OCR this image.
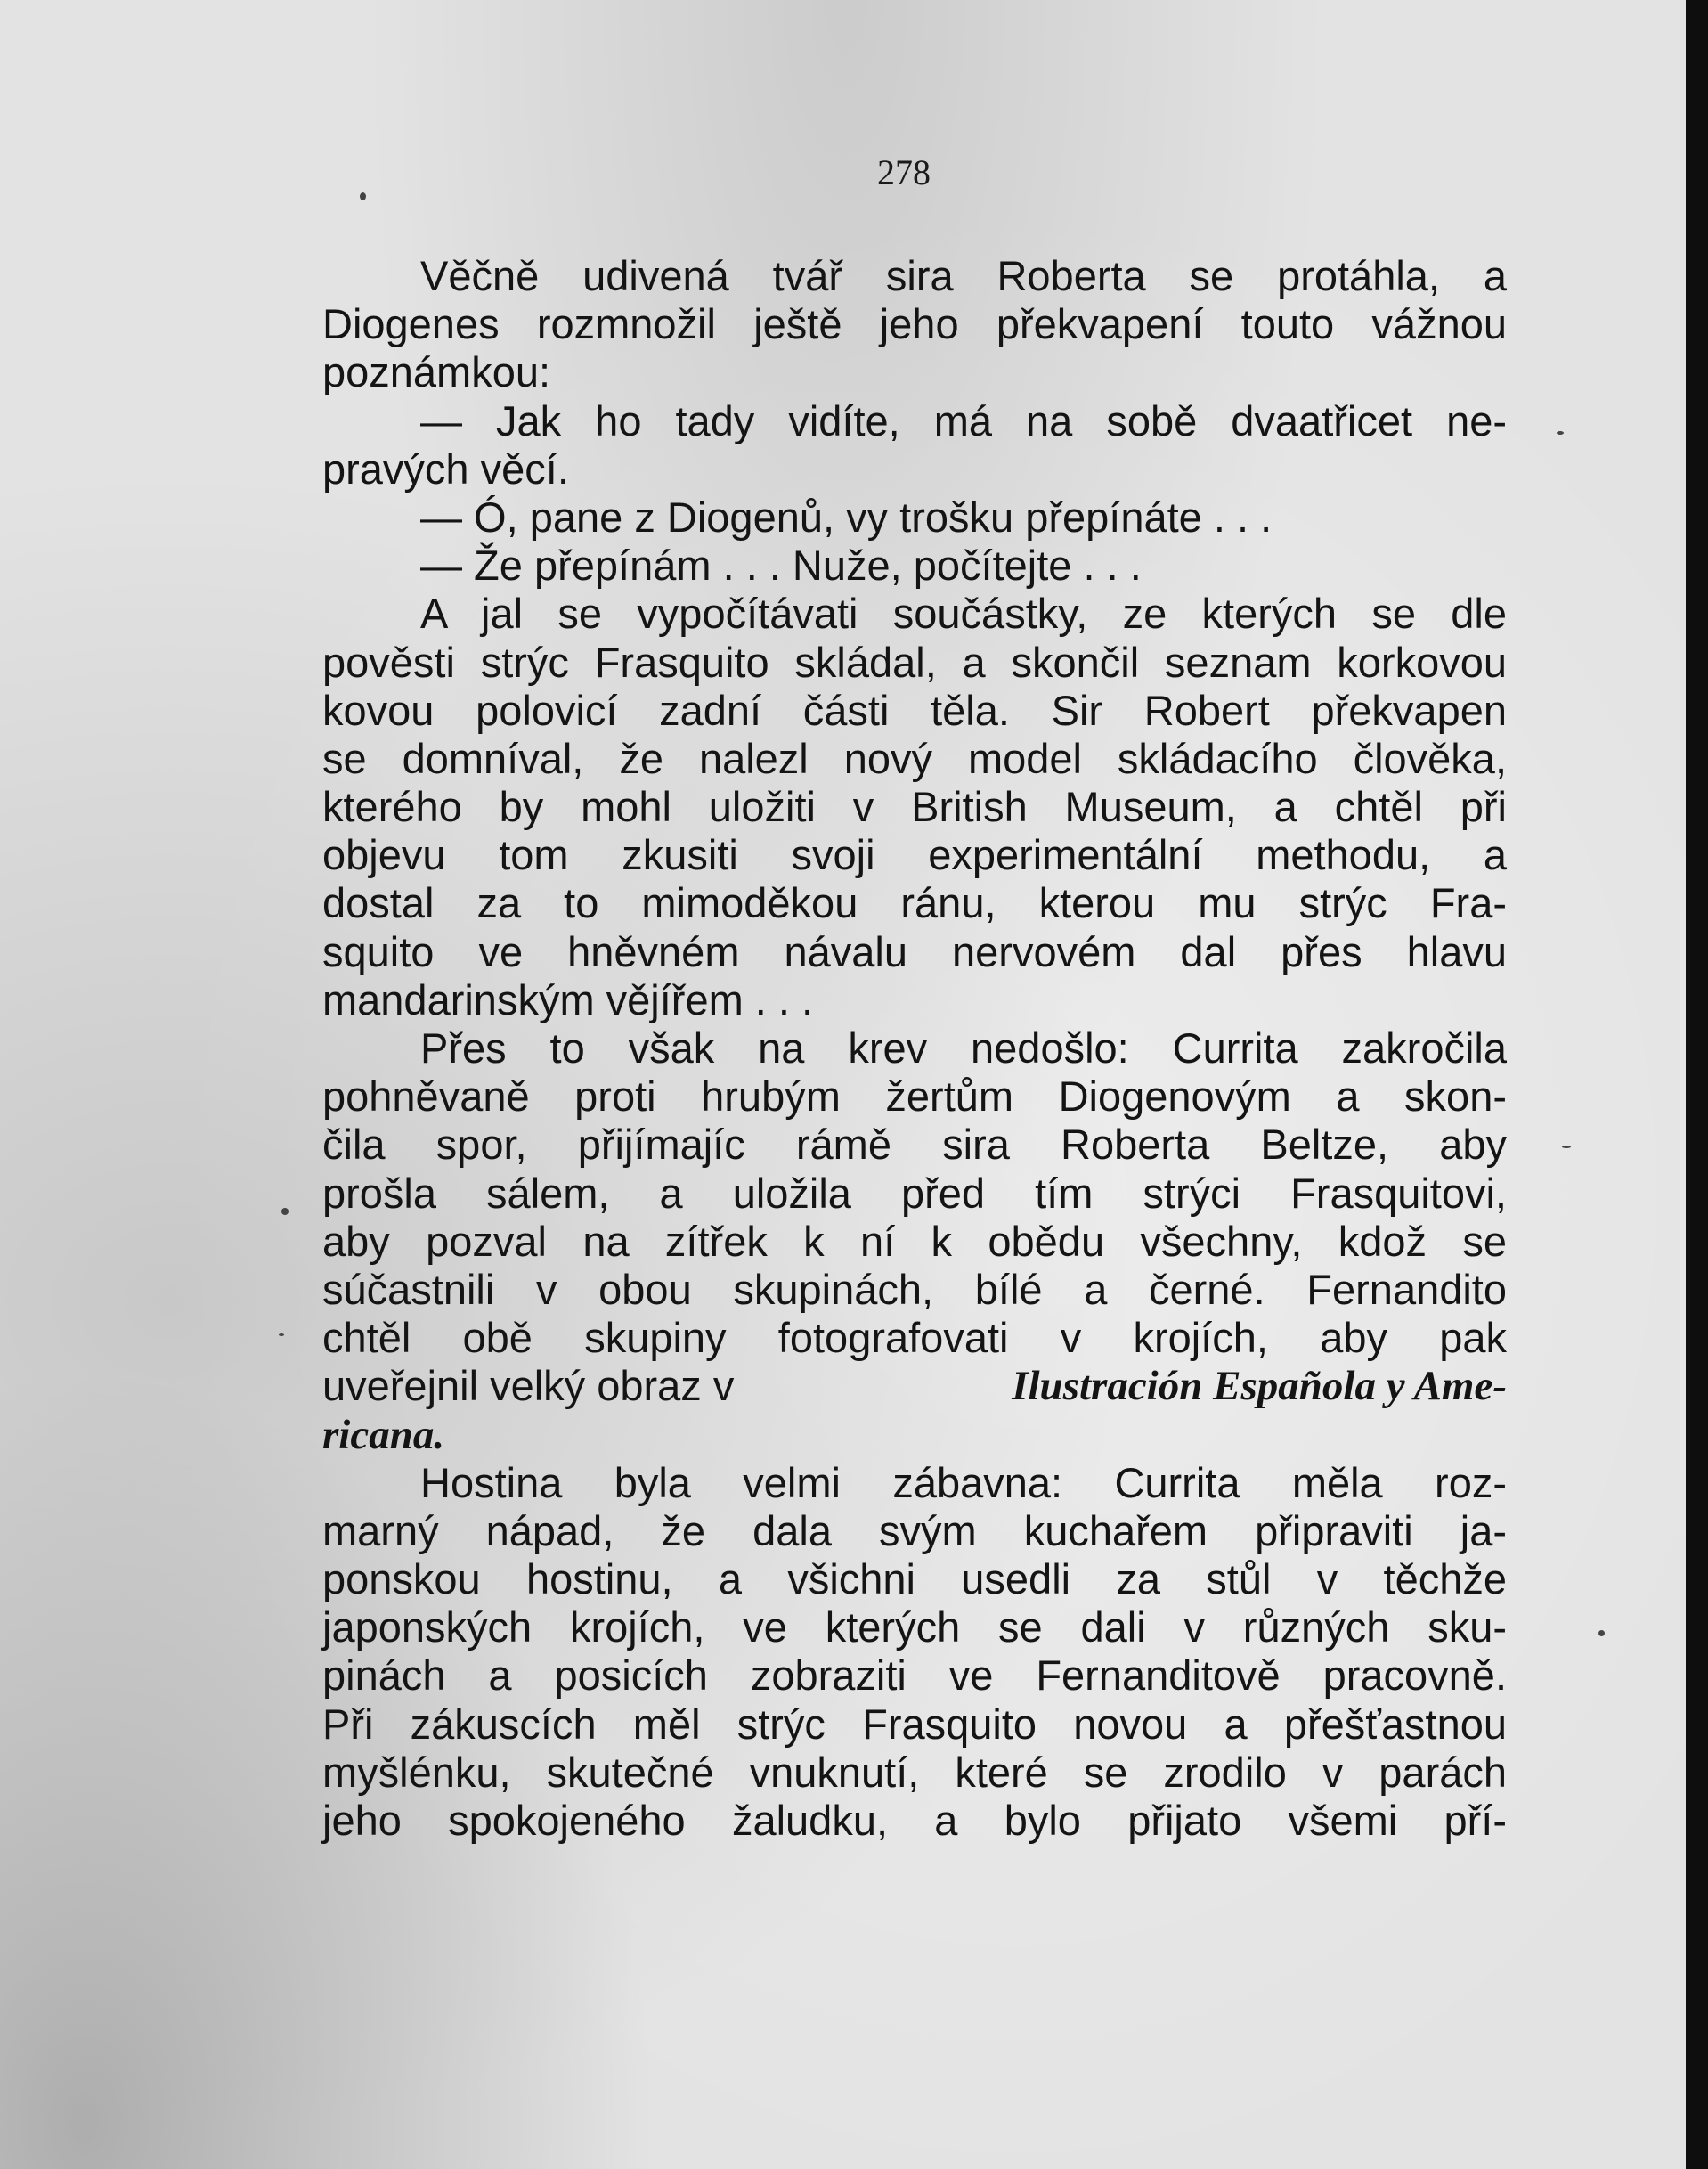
278
Věčně udivená tvář sira Roberta se protáhla, a
Diogenes rozmnožil ještě jeho překvapení touto vážnou
poznámkou:
— Jak ho tady vidíte, má na sobě dvaatřicet ne-
pravých věcí.
— Ó, pane z Diogenů, vy trošku přepínáte . . .
— Že přepínám . . . Nuže, počítejte . . .
A jal se vypočítávati součástky, ze kterých se dle
pověsti strýc Frasquito skládal, a skončil seznam korkovou
kovou polovicí zadní části těla. Sir Robert překvapen
se domníval, že nalezl nový model skládacího člověka,
kterého by mohl uložiti v British Museum, a chtěl při
objevu tom zkusiti svoji experimentální methodu, a
dostal za to mimoděkou ránu, kterou mu strýc Fra-
squito ve hněvném návalu nervovém dal přes hlavu
mandarinským vějířem . . .
Přes to však na krev nedošlo: Currita zakročila
pohněvaně proti hrubým žertům Diogenovým a skon-
čila spor, přijímajíc rámě sira Roberta Beltze, aby
prošla sálem, a uložila před tím strýci Frasquitovi,
aby pozval na zítřek k ní k obědu všechny, kdož se
súčastnili v obou skupinách, bílé a černé. Fernandito
chtěl obě skupiny fotografovati v krojích, aby pak
uveřejnil velký obraz v	Ilustración Española y Ame-
ricana.
Hostina byla velmi zábavna: Currita měla roz-
marný nápad, že dala svým kuchařem připraviti ja-
ponskou hostinu, a všichni usedli za stůl v těchže
japonských krojích, ve kterých se dali v různých sku-
pinách a posicích zobraziti ve Fernanditově pracovně.
Při zákuscích měl strýc Frasquito novou a přešťastnou
myšlénku, skutečné vnuknutí, které se zrodilo v parách
jeho spokojeného žaludku, a bylo přijato všemi pří-
